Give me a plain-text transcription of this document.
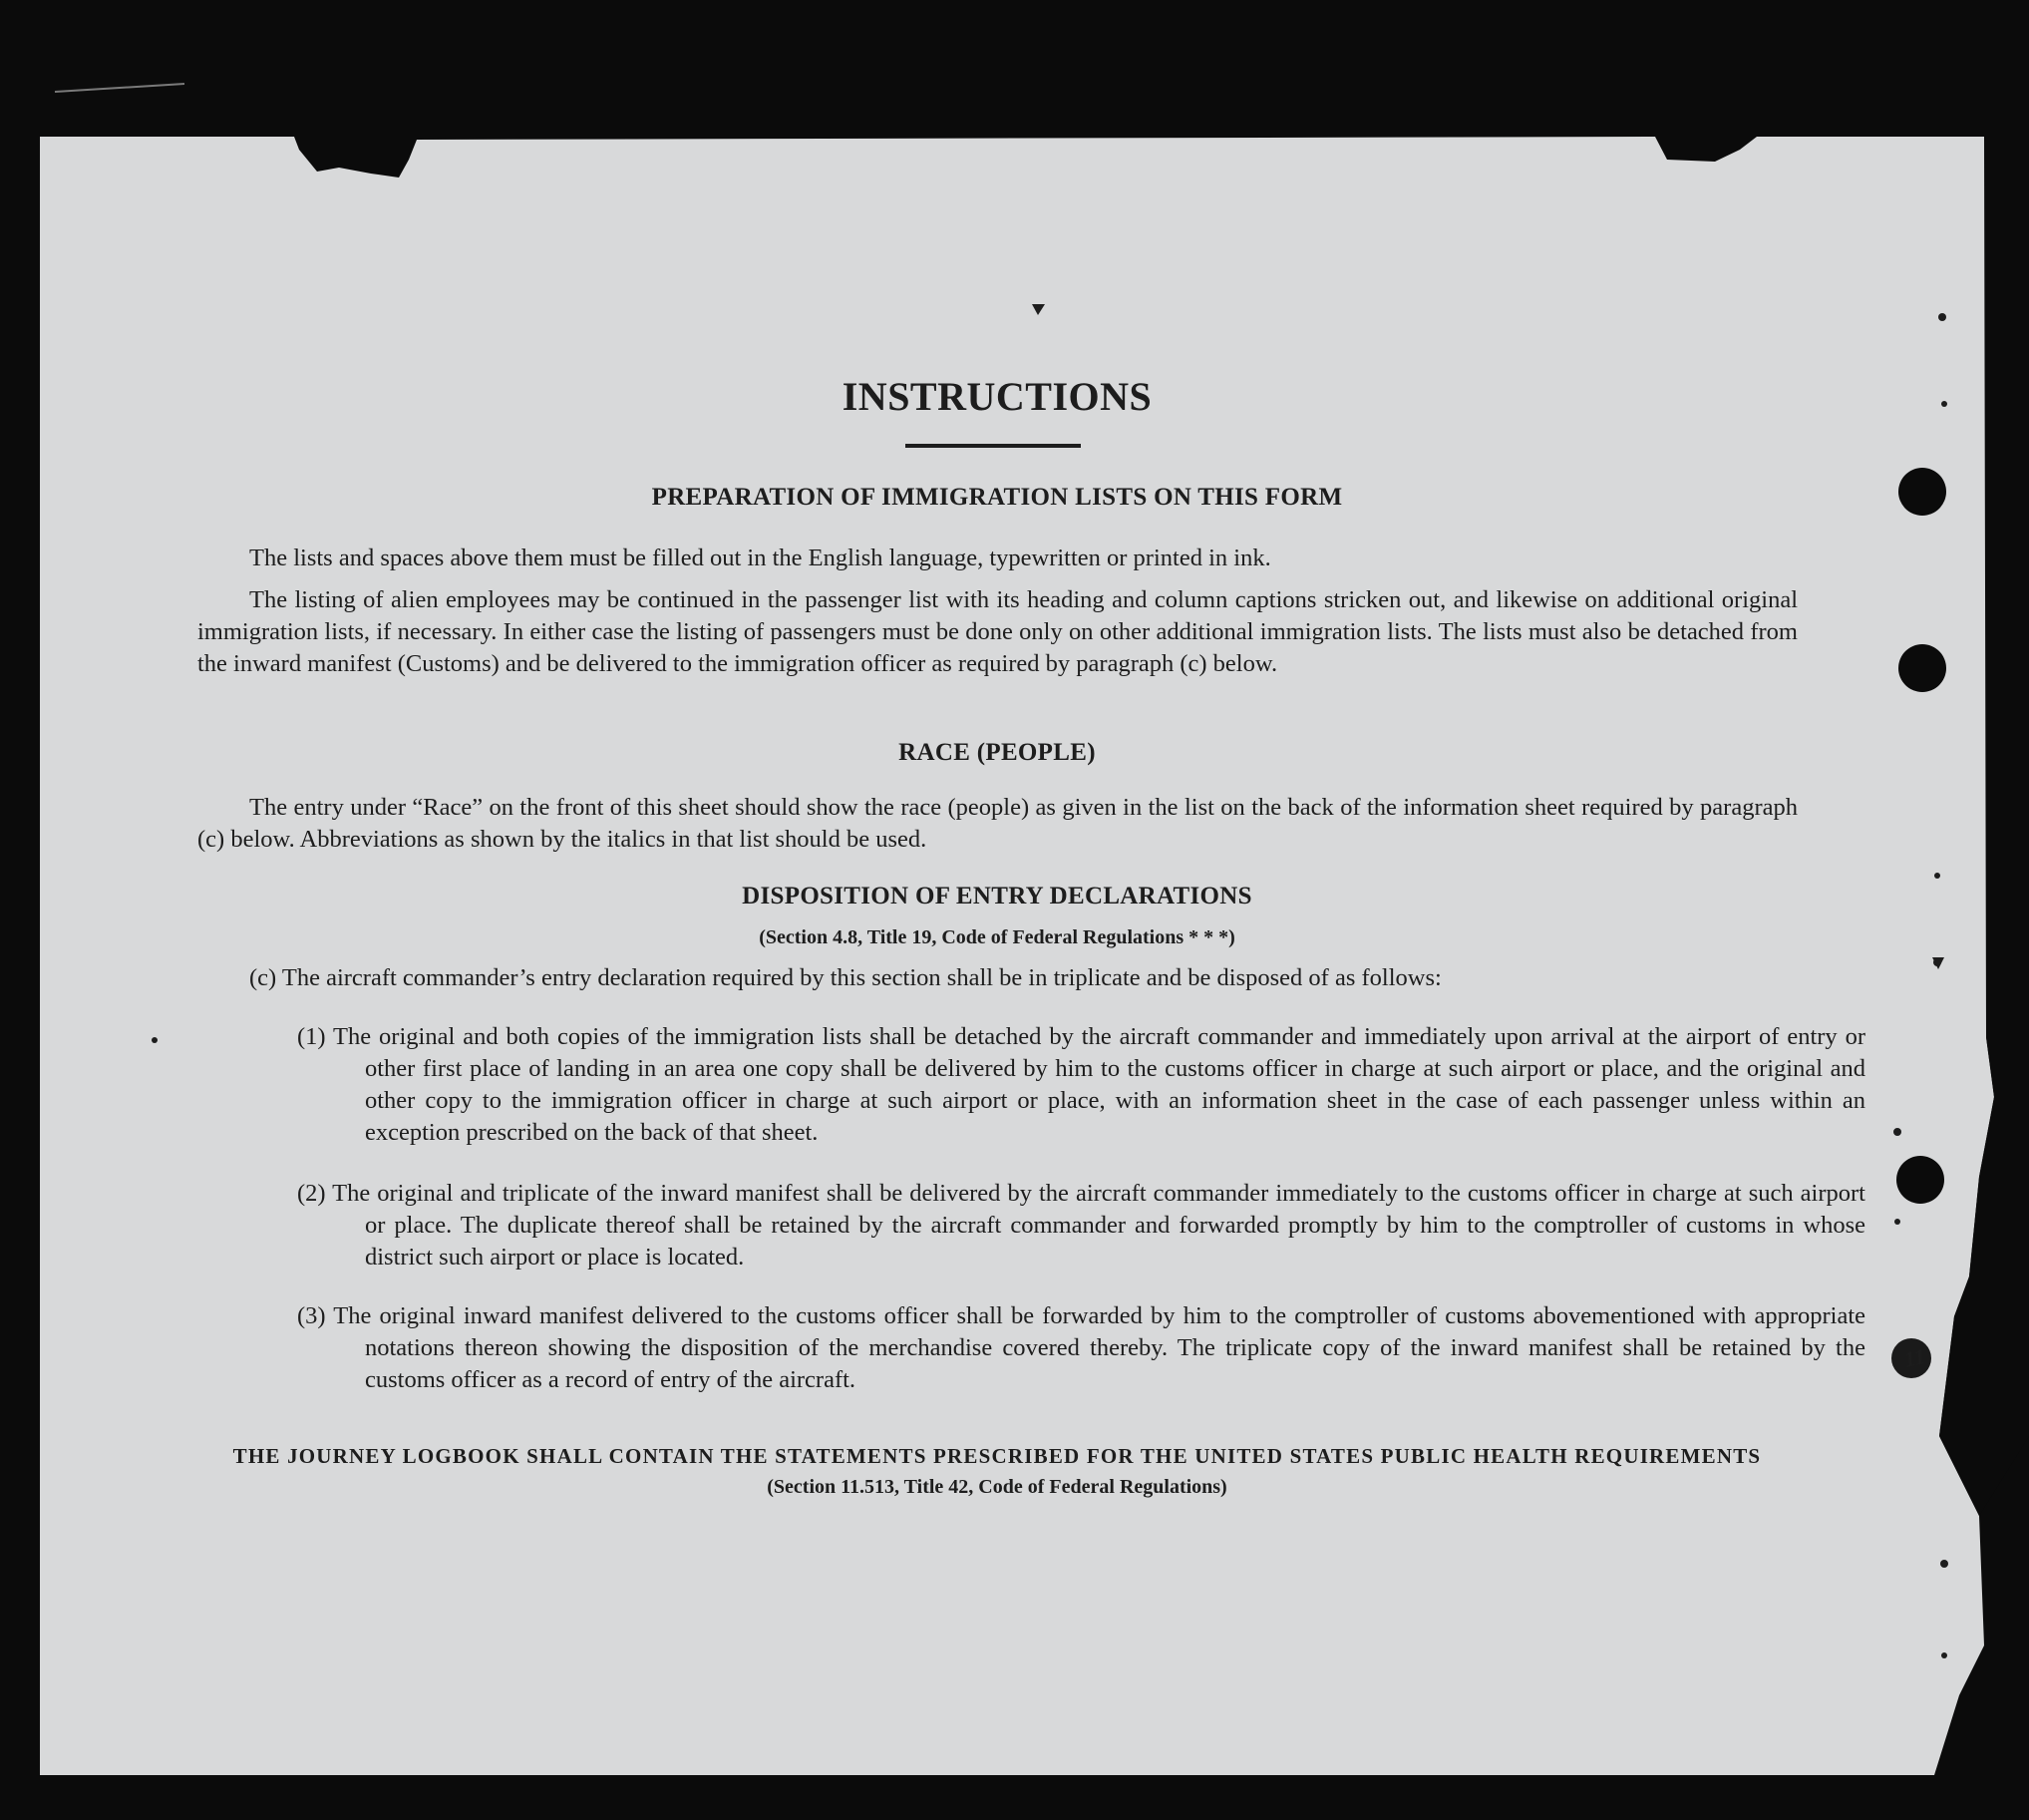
INSTRUCTIONS
PREPARATION OF IMMIGRATION LISTS ON THIS FORM
The lists and spaces above them must be filled out in the English language, typewritten or printed in ink.
The listing of alien employees may be continued in the passenger list with its heading and column captions stricken out, and likewise on additional original immigration lists, if necessary. In either case the listing of passengers must be done only on other additional immigration lists. The lists must also be detached from the inward manifest (Customs) and be delivered to the immigration officer as required by paragraph (c) below.
RACE (PEOPLE)
The entry under “Race” on the front of this sheet should show the race (people) as given in the list on the back of the information sheet required by paragraph (c) below. Abbreviations as shown by the italics in that list should be used.
DISPOSITION OF ENTRY DECLARATIONS
(Section 4.8, Title 19, Code of Federal Regulations * * *)
(c) The aircraft commander’s entry declaration required by this section shall be in triplicate and be disposed of as follows:
(1) The original and both copies of the immigration lists shall be detached by the aircraft commander and immediately upon arrival at the airport of entry or other first place of landing in an area one copy shall be delivered by him to the customs officer in charge at such airport or place, and the original and other copy to the immigration officer in charge at such airport or place, with an information sheet in the case of each passenger unless within an exception prescribed on the back of that sheet.
(2) The original and triplicate of the inward manifest shall be delivered by the aircraft commander immediately to the customs officer in charge at such airport or place. The duplicate thereof shall be retained by the aircraft commander and forwarded promptly by him to the comptroller of customs in whose district such airport or place is located.
(3) The original inward manifest delivered to the customs officer shall be forwarded by him to the comptroller of customs abovementioned with appropriate notations thereon showing the disposition of the merchandise covered thereby. The triplicate copy of the inward manifest shall be retained by the customs officer as a record of entry of the aircraft.
THE JOURNEY LOGBOOK SHALL CONTAIN THE STATEMENTS PRESCRIBED FOR THE UNITED STATES PUBLIC HEALTH REQUIREMENTS
(Section 11.513, Title 42, Code of Federal Regulations)
11
